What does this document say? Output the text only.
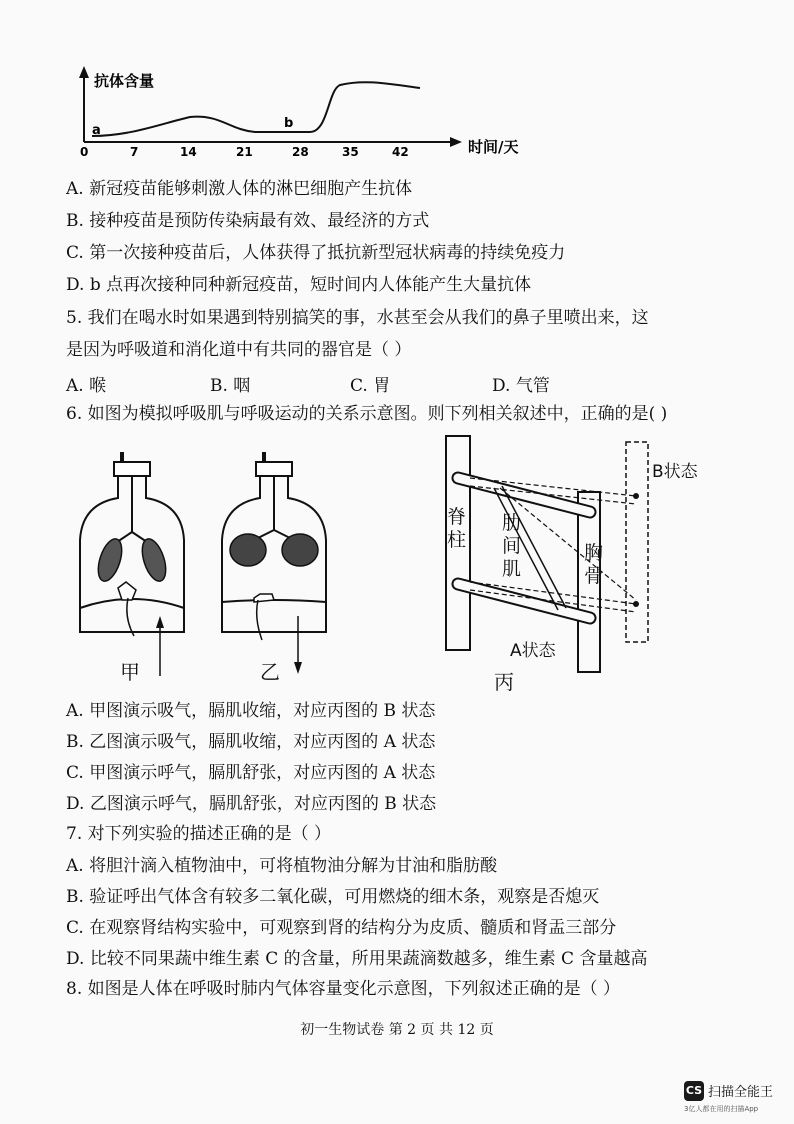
抗体含量
时间/天
a	b
0	7	14	21	28	35	42
A. 新冠疫苗能够刺激人体的淋巴细胞产生抗体
B. 接种疫苗是预防传染病最有效、最经济的方式
C. 第一次接种疫苗后，人体获得了抵抗新型冠状病毒的持续免疫力
D. b 点再次接种同种新冠疫苗，短时间内人体能产生大量抗体
5. 我们在喝水时如果遇到特别搞笑的事，水甚至会从我们的鼻子里喷出来，这
是因为呼吸道和消化道中有共同的器官是（ ）
A. 喉	B. 咽	C. 胃	D. 气管
6. 如图为模拟呼吸肌与呼吸运动的关系示意图。则下列相关叙述中，正确的是( )
甲	乙
脊柱
肋间肌
胸骨
B状态
A状态
丙
A. 甲图演示吸气，膈肌收缩，对应丙图的 B 状态
B. 乙图演示吸气，膈肌收缩，对应丙图的 A 状态
C. 甲图演示呼气，膈肌舒张，对应丙图的 A 状态
D. 乙图演示呼气，膈肌舒张，对应丙图的 B 状态
7. 对下列实验的描述正确的是（ ）
A. 将胆汁滴入植物油中，可将植物油分解为甘油和脂肪酸
B. 验证呼出气体含有较多二氧化碳，可用燃烧的细木条，观察是否熄灭
C. 在观察肾结构实验中，可观察到肾的结构分为皮质、髓质和肾盂三部分
D. 比较不同果蔬中维生素 C 的含量，所用果蔬滴数越多，维生素 C 含量越高
8. 如图是人体在呼吸时肺内气体容量变化示意图，下列叙述正确的是（ ）
初一生物试卷 第 2 页 共 12 页
CS 扫描全能王
3亿人都在用的扫描App
